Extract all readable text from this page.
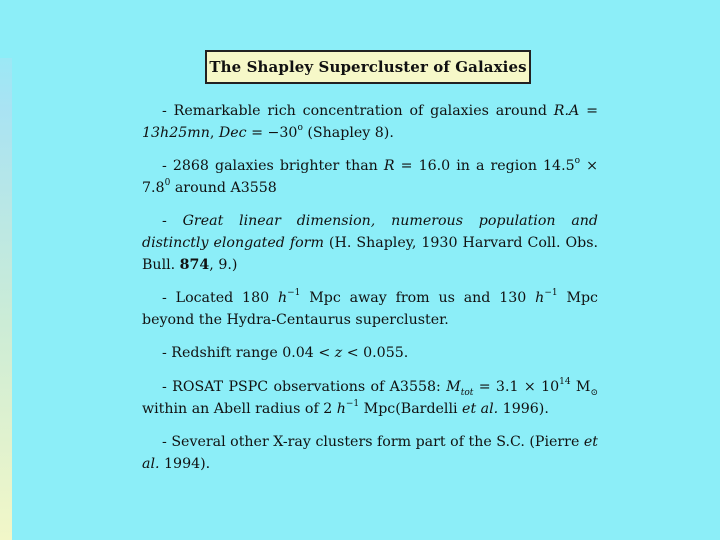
The Shapley Supercluster of Galaxies

- Remarkable rich concentration of galaxies around R.A = 13h25mn, Dec = $-30^o$ (Shapley 8).

- 2868 galaxies brighter than R = 16.0 in a region $14.5^o \times 7.8^0$ around A3558

- Great linear dimension, numerous population and distinctly elongated form (H. Shapley, 1930 Harvard Coll. Obs. Bull. 874, 9.)

- Located 180 $h^{-1}$ Mpc away from us and 130 $h^{-1}$ Mpc beyond the Hydra-Centaurus supercluster.

- Redshift range 0.04 < z < 0.055.

- ROSAT PSPC observations of A3558: $M_{tot} = 3.1 \times 10^{14}$ $M_⊙$ within an Abell radius of 2 $h^{-1}$ Mpc(Bardelli et al. 1996).

- Several other X-ray clusters form part of the S.C. (Pierre et al. 1994).
